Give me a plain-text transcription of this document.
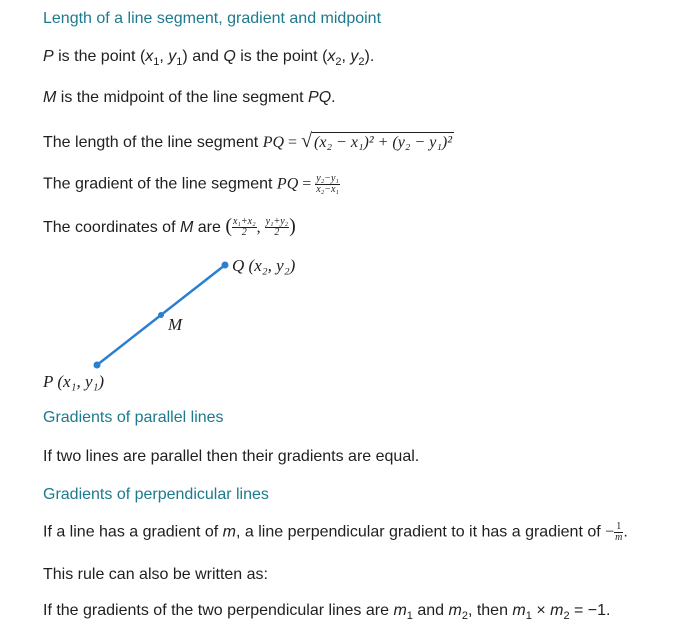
Length of a line segment, gradient and midpoint
P is the point ($x_1$, $y_1$) and Q is the point ($x_2$, $y_2$).
M is the midpoint of the line segment PQ.
The length of the line segment PQ = √ (x₂ − x₁)² + (y₂ − y₁)²
The gradient of the line segment PQ = $\frac{\text{y₂−y₁}}{\text{x₂−x₁}}$
The coordinates of M are ( $\frac{\text{x₁+x₂}}{2}$ , $\frac{\text{y₁+y₂}}{2}$ )
Q (x₂, y₂)
M
P (x₁, y₁)
Gradients of parallel lines
If two lines are parallel then their gradients are equal.
Gradients of perpendicular lines
If a line has a gradient of m, a line perpendicular gradient to it has a gradient of − $\frac{1}{m}$ .
This rule can also be written as:
If the gradients of the two perpendicular lines are $m_1$ and $m_2$, then $m_1 \times m_2 = -1$.
